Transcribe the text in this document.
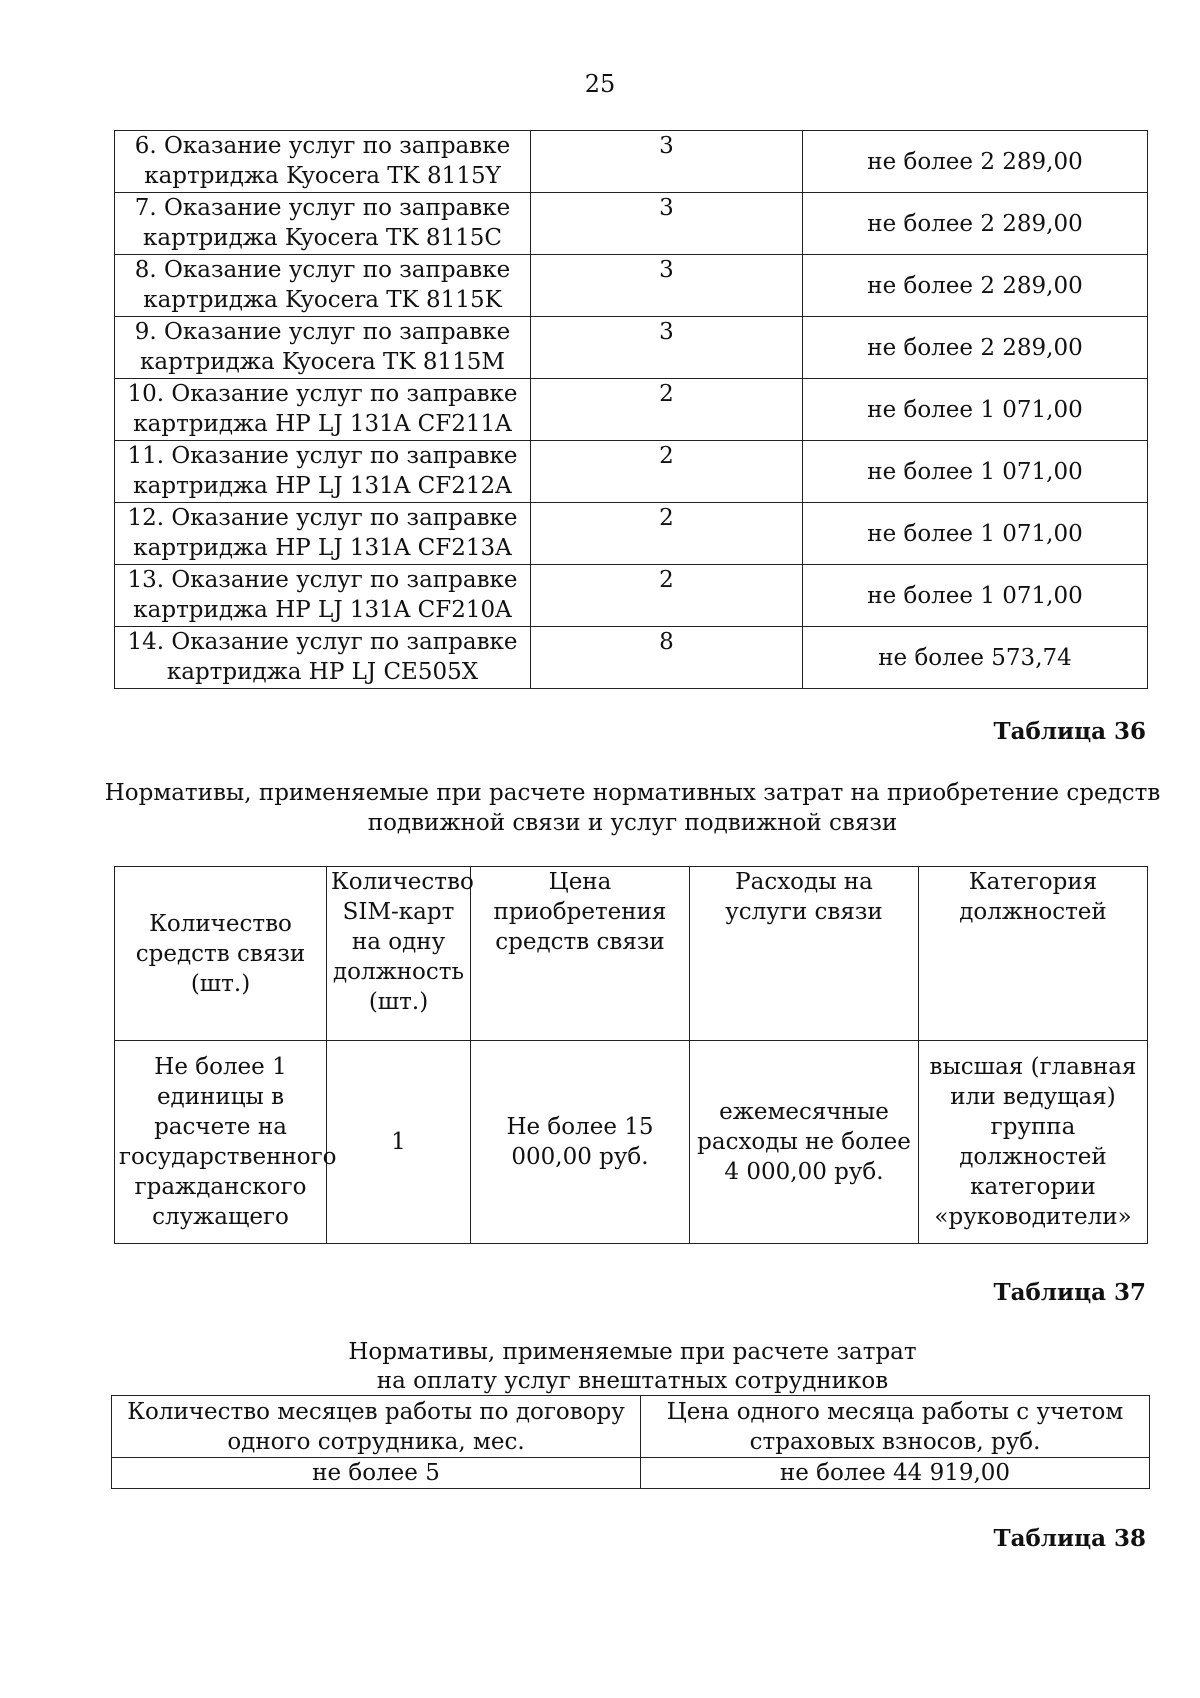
25
6. Оказание услуг по заправке картриджа Kyocera TK 8115Y	3	не более 2 289,00
7. Оказание услуг по заправке картриджа Kyocera TK 8115C	3	не более 2 289,00
8. Оказание услуг по заправке картриджа Kyocera TK 8115K	3	не более 2 289,00
9. Оказание услуг по заправке картриджа Kyocera TK 8115M	3	не более 2 289,00
10. Оказание услуг по заправке картриджа HP LJ 131A CF211A	2	не более 1 071,00
11. Оказание услуг по заправке картриджа HP LJ 131A CF212A	2	не более 1 071,00
12. Оказание услуг по заправке картриджа HP LJ 131A CF213A	2	не более 1 071,00
13. Оказание услуг по заправке картриджа HP LJ 131A CF210A	2	не более 1 071,00
14. Оказание услуг по заправке картриджа HP LJ CE505X	8	не более 573,74
Таблица 36
Нормативы, применяемые при расчете нормативных затрат на приобретение средств подвижной связи и услуг подвижной связи
Количество средств связи (шт.)	Количество SIM-карт на одну должность (шт.)	Цена приобретения средств связи	Расходы на услуги связи	Категория должностей
Не более 1 единицы в расчете на государственного гражданского служащего	1	Не более 15 000,00 руб.	ежемесячные расходы не более 4 000,00 руб.	высшая (главная или ведущая) группа должностей категории «руководители»
Таблица 37
Нормативы, применяемые при расчете затрат
на оплату услуг внештатных сотрудников
Количество месяцев работы по договору одного сотрудника, мес.	Цена одного месяца работы с учетом страховых взносов, руб.
не более 5	не более 44 919,00
Таблица 38
